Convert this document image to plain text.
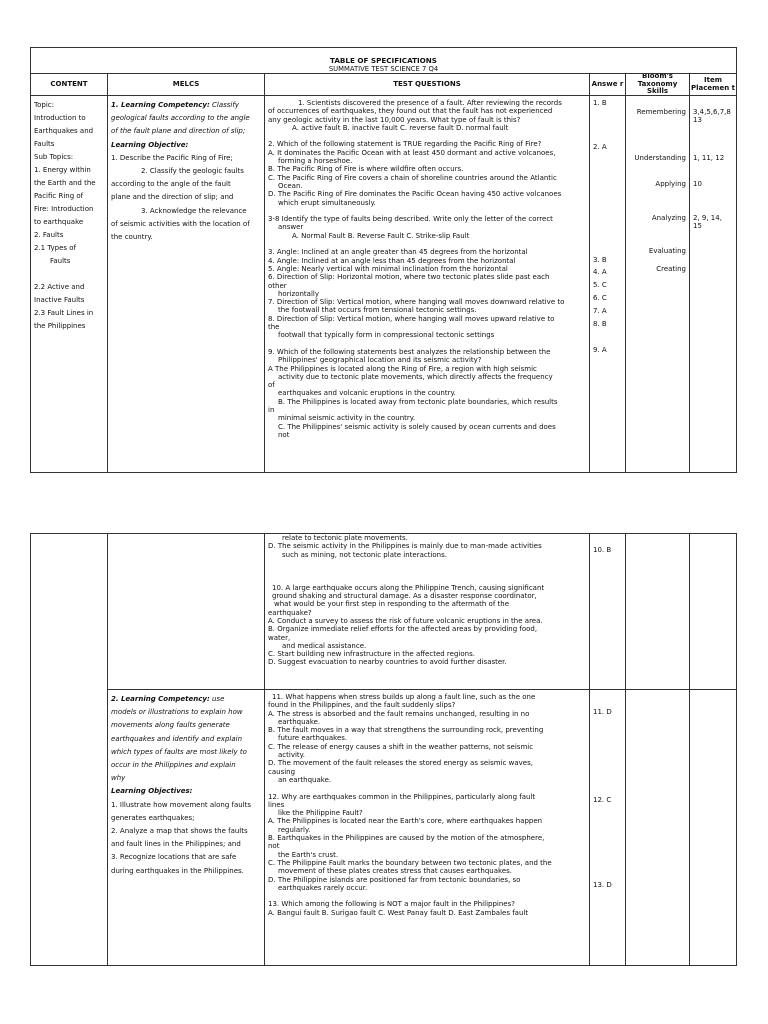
TABLE OF SPECIFICATIONS
SUMMATIVE TEST SCIENCE 7 Q4
CONTENT
Topic:
Introduction to
Earthquakes and
Faults
Sub Topics:
1. Energy within
the Earth and the
Pacific Ring of
Fire: Introduction
to earthquake
2. Faults
2.1 Types of
Faults

2.2 Active and
Inactive Faults
2.3 Fault Lines in
the Philippines
MELCS
1. Learning Competency: Classify
geological faults according to the angle
of the fault plane and direction of slip;
Learning Objective:
1. Describe the Pacific Ring of Fire;
2. Classify the geologic faults
according to the angle of the fault
plane and the direction of slip; and
3. Acknowledge the relevance
of seismic activities with the location of
the country.
TEST QUESTIONS
1. Scientists discovered the presence of a fault. After reviewing the records
of occurrences of earthquakes, they found out that the fault has not experienced
any geologic activity in the last 10,000 years. What type of fault is this?
A. active fault B. inactive fault C. reverse fault D. normal fault

2. Which of the following statement is TRUE regarding the Pacific Ring of Fire?
A. It dominates the Pacific Ocean with at least 450 dormant and active volcanoes,
forming a horseshoe.
B. The Pacific Ring of Fire is where wildfire often occurs.
C. The Pacific Ring of Fire covers a chain of shoreline countries around the Atlantic
Ocean.
D. The Pacific Ring of Fire dominates the Pacific Ocean having 450 active volcanoes
which erupt simultaneously.

3-8 Identify the type of faults being described. Write only the letter of the correct
answer
A. Normal Fault B. Reverse Fault C. Strike-slip Fault

3. Angle: Inclined at an angle greater than 45 degrees from the horizontal
4. Angle: Inclined at an angle less than 45 degrees from the horizontal
5. Angle: Nearly vertical with minimal inclination from the horizontal
6. Direction of Slip: Horizontal motion, where two tectonic plates slide past each
other
horizontally
7. Direction of Slip: Vertical motion, where hanging wall moves downward relative to
the footwall that occurs from tensional tectonic settings.
8. Direction of Slip: Vertical motion, where hanging wall moves upward relative to
the
footwall that typically form in compressional tectonic settings

9. Which of the following statements best analyzes the relationship between the
Philippines' geographical location and its seismic activity?
A The Philippines is located along the Ring of Fire, a region with high seismic
activity due to tectonic plate movements, which directly affects the frequency
of
earthquakes and volcanic eruptions in the country.
B. The Philippines is located away from tectonic plate boundaries, which results
in
minimal seismic activity in the country.
C. The Philippines' seismic activity is solely caused by ocean currents and does
not
Answe r
1. B
2. A
3. B
4. A
5. C
6. C
7. A
8. B
9. A
Bloom's Taxonomy Skills
Remembering
Understanding
Applying
Analyzing
Evaluating
Creating
Item Placemen t
3,4,5,6,7,8 13
1, 11, 12
10
2, 9, 14, 15
2. Learning Competency: use
models or illustrations to explain how
movements along faults generate
earthquakes and identify and explain
which types of faults are most likely to
occur in the Philippines and explain
why
Learning Objectives:
1. Illustrate how movement along faults
generates earthquakes;
2. Analyze a map that shows the faults
and fault lines in the Philippines; and
3. Recognize locations that are safe
during earthquakes in the Philippines.
relate to tectonic plate movements.
D. The seismic activity in the Philippines is mainly due to man-made activities
such as mining, not tectonic plate interactions.

10. A large earthquake occurs along the Philippine Trench, causing significant
ground shaking and structural damage. As a disaster response coordinator,
what would be your first step in responding to the aftermath of the
earthquake?
A. Conduct a survey to assess the risk of future volcanic eruptions in the area.
B. Organize immediate relief efforts for the affected areas by providing food,
water,
and medical assistance.
C. Start building new infrastructure in the affected regions.
D. Suggest evacuation to nearby countries to avoid further disaster.
11. What happens when stress builds up along a fault line, such as the one
found in the Philippines, and the fault suddenly slips?
A. The stress is absorbed and the fault remains unchanged, resulting in no
earthquake.
B. The fault moves in a way that strengthens the surrounding rock, preventing
future earthquakes.
C. The release of energy causes a shift in the weather patterns, not seismic
activity.
D. The movement of the fault releases the stored energy as seismic waves,
causing
an earthquake.

12. Why are earthquakes common in the Philippines, particularly along fault
lines
like the Philippine Fault?
A. The Philippines is located near the Earth's core, where earthquakes happen
regularly.
B. Earthquakes in the Philippines are caused by the motion of the atmosphere,
not
the Earth's crust.
C. The Philippine Fault marks the boundary between two tectonic plates, and the
movement of these plates creates stress that causes earthquakes.
D. The Philippine islands are positioned far from tectonic boundaries, so
earthquakes rarely occur.

13. Which among the following is NOT a major fault in the Philippines?
A. Bangui fault B. Surigao fault C. West Panay fault D. East Zambales fault
10. B
11. D
12. C
13. D
